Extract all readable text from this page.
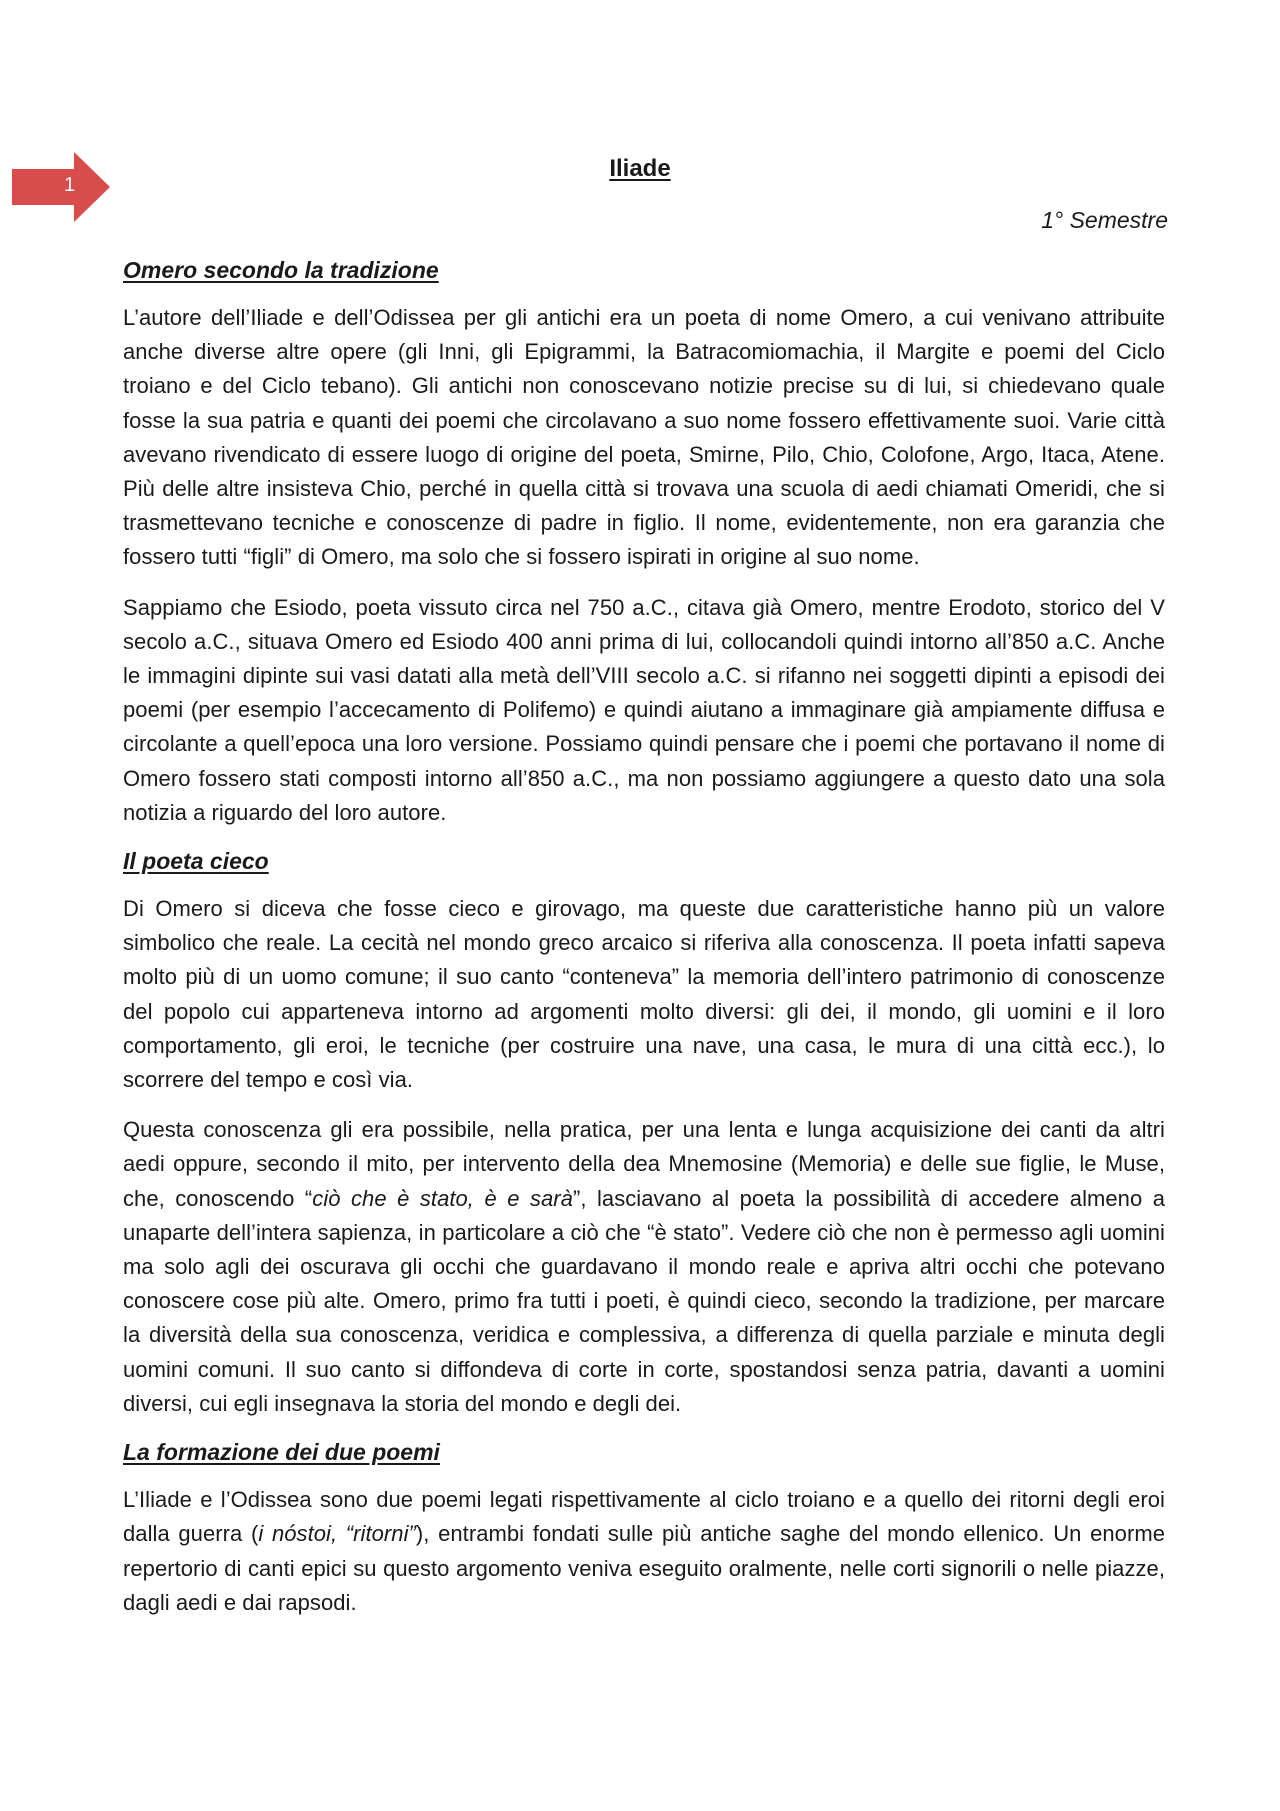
1
Iliade
1° Semestre
Omero secondo la tradizione

L’autore dell’Iliade e dell’Odissea per gli antichi era un poeta di nome Omero, a cui venivano attribuite anche diverse altre opere (gli Inni, gli Epigrammi, la Batracomiomachia, il Margite e poemi del Ciclo troiano e del Ciclo tebano). Gli antichi non conoscevano notizie precise su di lui, si chiedevano quale fosse la sua patria e quanti dei poemi che circolavano a suo nome fossero effettivamente suoi. Varie città avevano rivendicato di essere luogo di origine del poeta, Smirne, Pilo, Chio, Colofone, Argo, Itaca, Atene. Più delle altre insisteva Chio, perché in quella città si trovava una scuola di aedi chiamati Omeridi, che si trasmettevano tecniche e conoscenze di padre in figlio. Il nome, evidentemente, non era garanzia che fossero tutti “figli” di Omero, ma solo che si fossero ispirati in origine al suo nome.

Sappiamo che Esiodo, poeta vissuto circa nel 750 a.C., citava già Omero, mentre Erodoto, storico del V secolo a.C., situava Omero ed Esiodo 400 anni prima di lui, collocandoli quindi intorno all’850 a.C. Anche le immagini dipinte sui vasi datati alla metà dell’VIII secolo a.C. si rifanno nei soggetti dipinti a episodi dei poemi (per esempio l’accecamento di Polifemo) e quindi aiutano a immaginare già ampiamente diffusa e circolante a quell’epoca una loro versione. Possiamo quindi pensare che i poemi che portavano il nome di Omero fossero stati composti intorno all’850 a.C., ma non possiamo aggiungere a questo dato una sola notizia a riguardo del loro autore.

Il poeta cieco

Di Omero si diceva che fosse cieco e girovago, ma queste due caratteristiche hanno più un valore simbolico che reale. La cecità nel mondo greco arcaico si riferiva alla conoscenza. Il poeta infatti sapeva molto più di un uomo comune; il suo canto “conteneva” la memoria dell’intero patrimonio di conoscenze del popolo cui apparteneva intorno ad argomenti molto diversi: gli dei, il mondo, gli uomini e il loro comportamento, gli eroi, le tecniche (per costruire una nave, una casa, le mura di una città ecc.), lo scorrere del tempo e così via.

Questa conoscenza gli era possibile, nella pratica, per una lenta e lunga acquisizione dei canti da altri aedi oppure, secondo il mito, per intervento della dea Mnemosine (Memoria) e delle sue figlie, le Muse, che, conoscendo “ciò che è stato, è e sarà”, lasciavano al poeta la possibilità di accedere almeno a unaparte dell’intera sapienza, in particolare a ciò che “è stato”. Vedere ciò che non è permesso agli uomini ma solo agli dei oscurava gli occhi che guardavano il mondo reale e apriva altri occhi che potevano conoscere cose più alte. Omero, primo fra tutti i poeti, è quindi cieco, secondo la tradizione, per marcare la diversità della sua conoscenza, veridica e complessiva, a differenza di quella parziale e minuta degli uomini comuni. Il suo canto si diffondeva di corte in corte, spostandosi senza patria, davanti a uomini diversi, cui egli insegnava la storia del mondo e degli dei.

La formazione dei due poemi

L’Iliade e l’Odissea sono due poemi legati rispettivamente al ciclo troiano e a quello dei ritorni degli eroi dalla guerra (i nóstoi, “ritorni”), entrambi fondati sulle più antiche saghe del mondo ellenico. Un enorme repertorio di canti epici su questo argomento veniva eseguito oralmente, nelle corti signorili o nelle piazze, dagli aedi e dai rapsodi.
